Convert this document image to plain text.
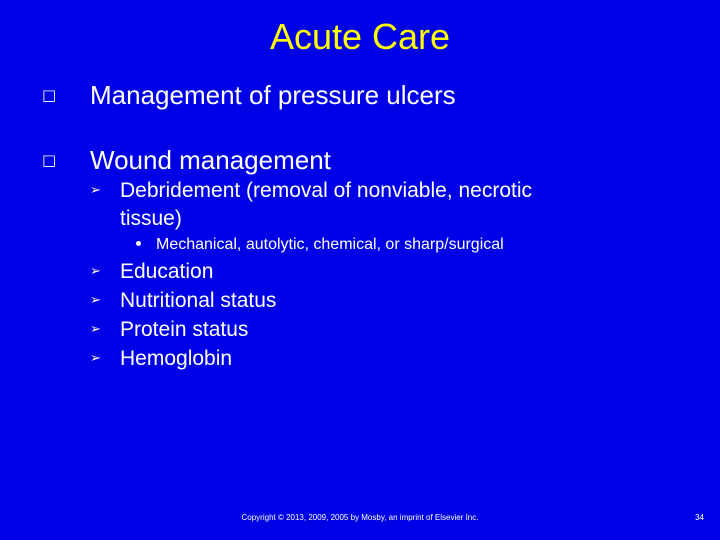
Acute Care
□ Management of pressure ulcers
□ Wound management
➢ Debridement (removal of nonviable, necrotic
tissue)
Mechanical, autolytic, chemical, or sharp/surgical
➢ Education
➢ Nutritional status
➢ Protein status
➢ Hemoglobin
Copyright © 2013, 2009, 2005 by Mosby, an imprint of Elsevier Inc.	34
